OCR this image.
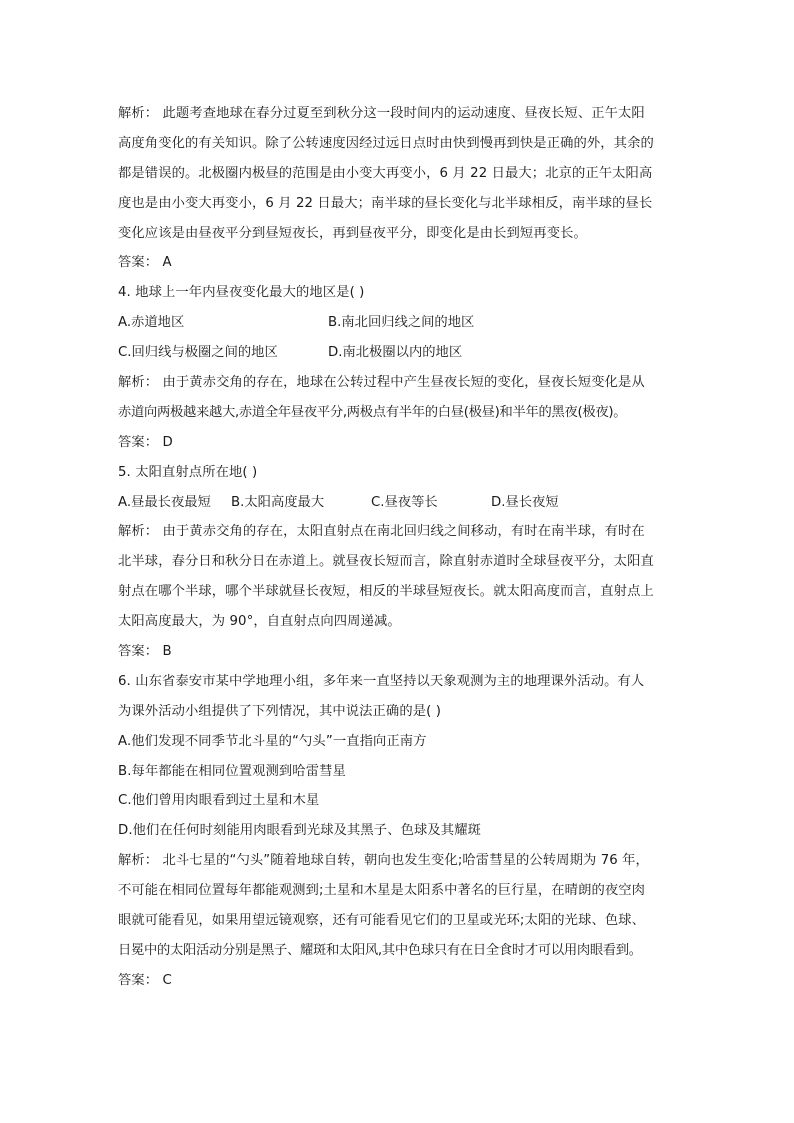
解析： 此题考查地球在春分过夏至到秋分这一段时间内的运动速度、昼夜长短、正午太阳
高度角变化的有关知识。除了公转速度因经过远日点时由快到慢再到快是正确的外，其余的
都是错误的。北极圈内极昼的范围是由小变大再变小，6 月 22 日最大；北京的正午太阳高
度也是由小变大再变小，6 月 22 日最大；南半球的昼长变化与北半球相反，南半球的昼长
变化应该是由昼夜平分到昼短夜长，再到昼夜平分，即变化是由长到短再变长。
答案： A
4. 地球上一年内昼夜变化最大的地区是( )
A.赤道地区	B.南北回归线之间的地区
C.回归线与极圈之间的地区	D.南北极圈以内的地区
解析： 由于黄赤交角的存在，地球在公转过程中产生昼夜长短的变化，昼夜长短变化是从
赤道向两极越来越大,赤道全年昼夜平分,两极点有半年的白昼(极昼)和半年的黑夜(极夜)。
答案： D
5. 太阳直射点所在地( )
A.昼最长夜最短	B.太阳高度最大	C.昼夜等长	D.昼长夜短
解析： 由于黄赤交角的存在，太阳直射点在南北回归线之间移动，有时在南半球，有时在
北半球，春分日和秋分日在赤道上。就昼夜长短而言，除直射赤道时全球昼夜平分，太阳直
射点在哪个半球，哪个半球就昼长夜短，相反的半球昼短夜长。就太阳高度而言，直射点上
太阳高度最大，为 90°，自直射点向四周递减。
答案： B
6. 山东省泰安市某中学地理小组，多年来一直坚持以天象观测为主的地理课外活动。有人
为课外活动小组提供了下列情况，其中说法正确的是( )
A.他们发现不同季节北斗星的“勺头”一直指向正南方
B.每年都能在相同位置观测到哈雷彗星
C.他们曾用肉眼看到过土星和木星
D.他们在任何时刻能用肉眼看到光球及其黑子、色球及其耀斑
解析： 北斗七星的“勺头”随着地球自转，朝向也发生变化;哈雷彗星的公转周期为 76 年，
不可能在相同位置每年都能观测到;土星和木星是太阳系中著名的巨行星，在晴朗的夜空肉
眼就可能看见，如果用望远镜观察，还有可能看见它们的卫星或光环;太阳的光球、色球、
日冕中的太阳活动分别是黑子、耀斑和太阳风,其中色球只有在日全食时才可以用肉眼看到。
答案： C
